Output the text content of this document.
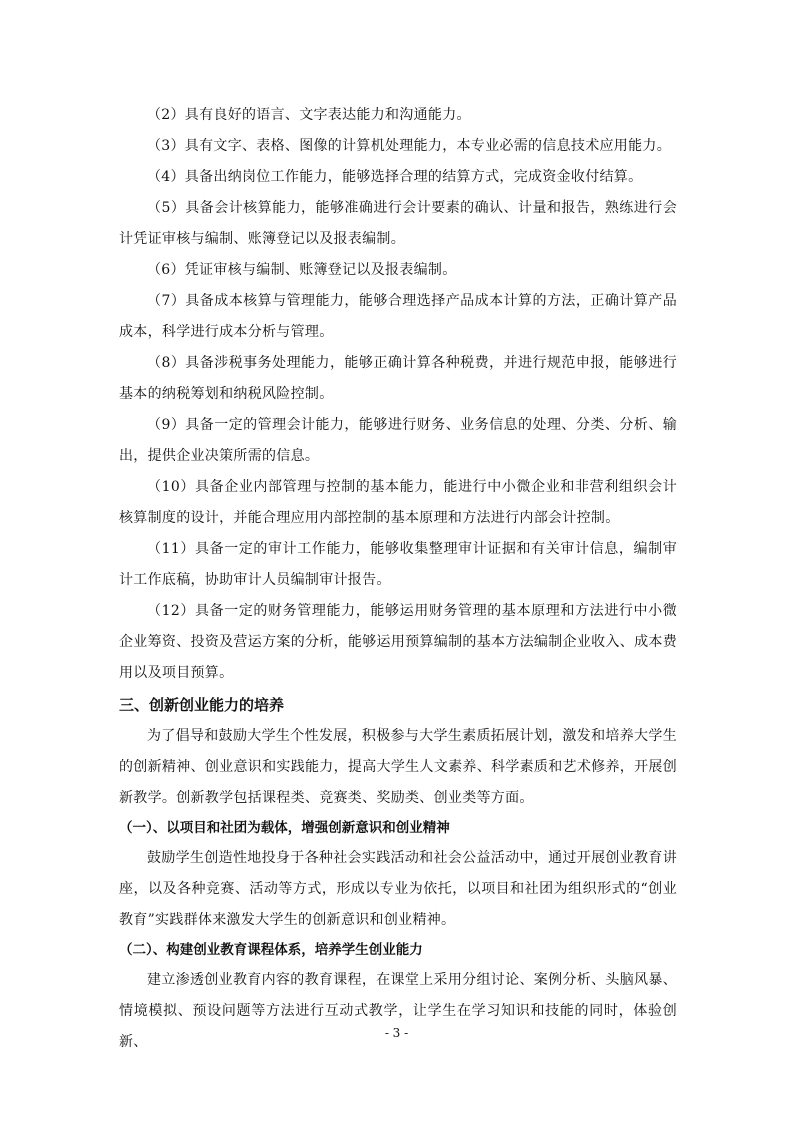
（2）具有良好的语言、文字表达能力和沟通能力。

（3）具有文字、表格、图像的计算机处理能力，本专业必需的信息技术应用能力。

（4）具备出纳岗位工作能力，能够选择合理的结算方式，完成资金收付结算。

（5）具备会计核算能力，能够准确进行会计要素的确认、计量和报告，熟练进行会计凭证审核与编制、账簿登记以及报表编制。

（6）凭证审核与编制、账簿登记以及报表编制。

（7）具备成本核算与管理能力，能够合理选择产品成本计算的方法，正确计算产品成本，科学进行成本分析与管理。

（8）具备涉税事务处理能力，能够正确计算各种税费，并进行规范申报，能够进行基本的纳税筹划和纳税风险控制。

（9）具备一定的管理会计能力，能够进行财务、业务信息的处理、分类、分析、输出，提供企业决策所需的信息。

（10）具备企业内部管理与控制的基本能力，能进行中小微企业和非营利组织会计核算制度的设计，并能合理应用内部控制的基本原理和方法进行内部会计控制。

（11）具备一定的审计工作能力，能够收集整理审计证据和有关审计信息，编制审计工作底稿，协助审计人员编制审计报告。

（12）具备一定的财务管理能力，能够运用财务管理的基本原理和方法进行中小微企业筹资、投资及营运方案的分析，能够运用预算编制的基本方法编制企业收入、成本费用以及项目预算。

三、创新创业能力的培养

为了倡导和鼓励大学生个性发展，积极参与大学生素质拓展计划，激发和培养大学生的创新精神、创业意识和实践能力，提高大学生人文素养、科学素质和艺术修养，开展创新教学。创新教学包括课程类、竞赛类、奖励类、创业类等方面。

（一）、以项目和社团为载体，增强创新意识和创业精神

鼓励学生创造性地投身于各种社会实践活动和社会公益活动中，通过开展创业教育讲座，以及各种竞赛、活动等方式，形成以专业为依托，以项目和社团为组织形式的“创业教育”实践群体来激发大学生的创新意识和创业精神。

（二）、构建创业教育课程体系，培养学生创业能力

建立渗透创业教育内容的教育课程，在课堂上采用分组讨论、案例分析、头脑风暴、情境模拟、预设问题等方法进行互动式教学，让学生在学习知识和技能的同时，体验创新、

- 3 -
